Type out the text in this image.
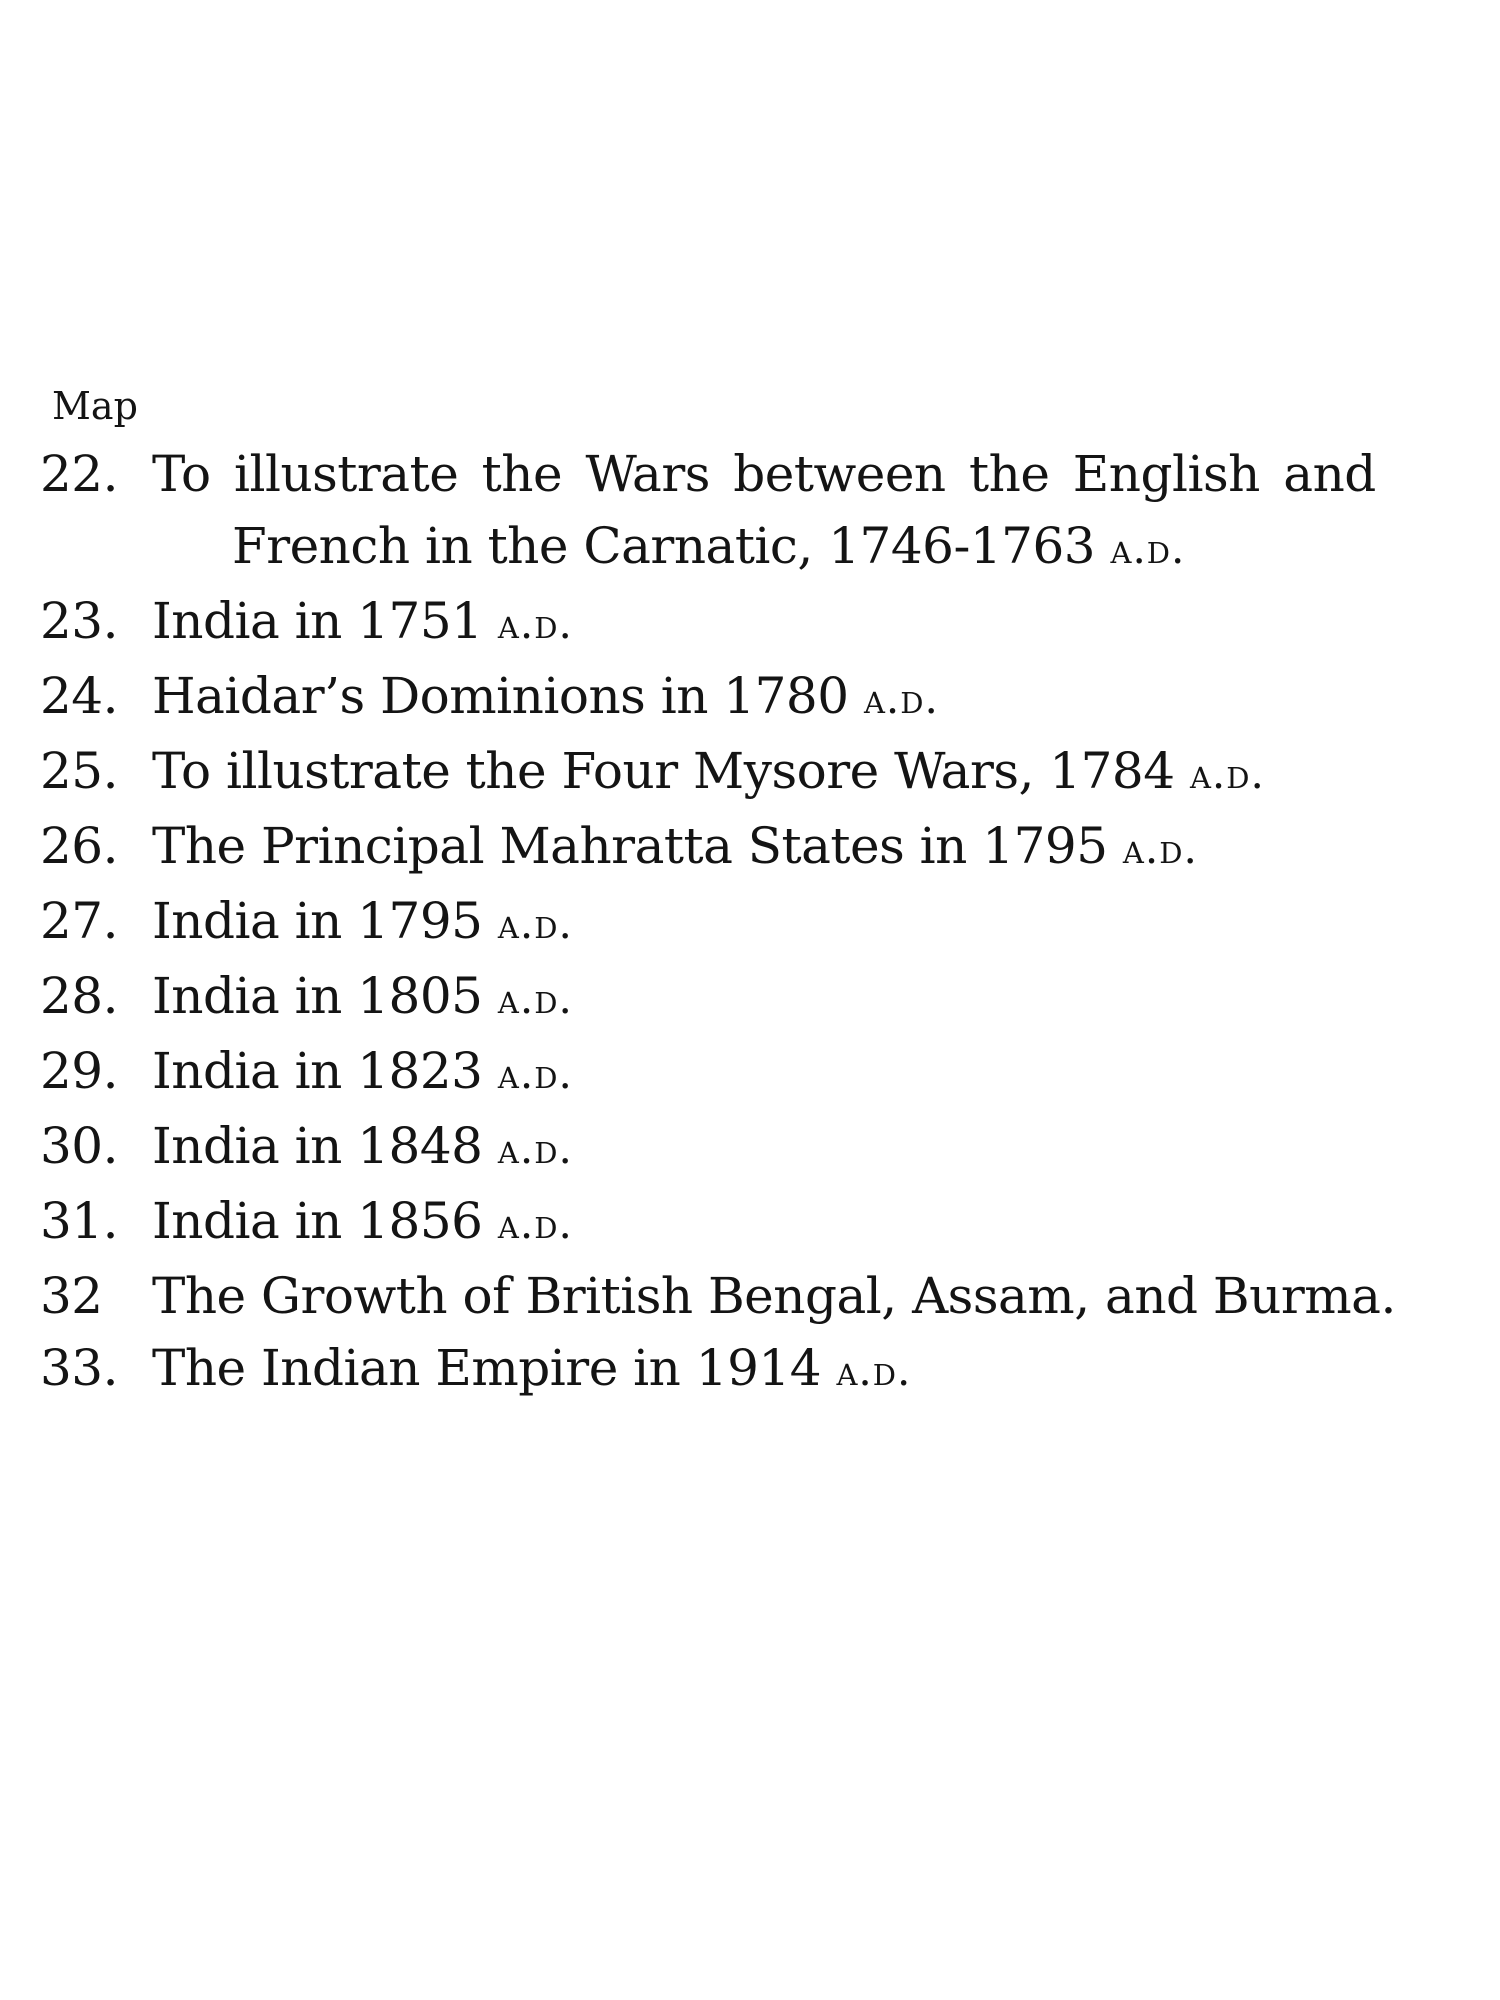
Map
22. To illustrate the Wars between the English and
French in the Carnatic, 1746-1763 a.d.
23. India in 1751 a.d.
24. Haidar’s Dominions in 1780 a.d.
25. To illustrate the Four Mysore Wars, 1784 a.d.
26. The Principal Mahratta States in 1795 a.d.
27. India in 1795 a.d.
28. India in 1805 a.d.
29. India in 1823 a.d.
30. India in 1848 a.d.
31. India in 1856 a.d.
32 The Growth of British Bengal, Assam, and Burma.
33. The Indian Empire in 1914 a.d.
